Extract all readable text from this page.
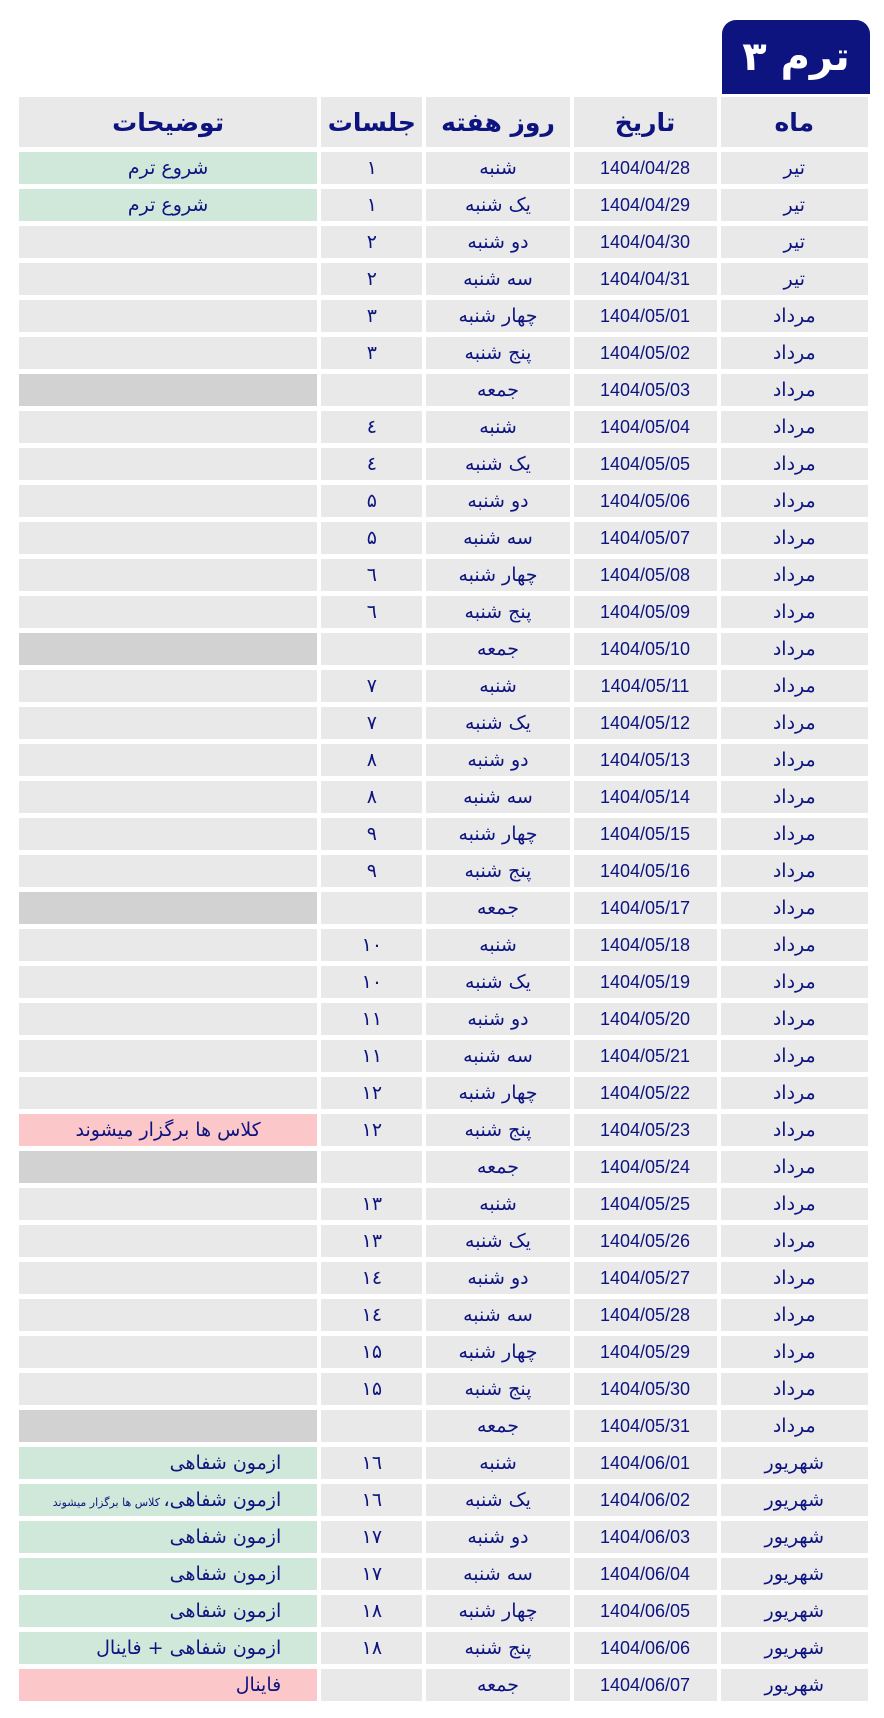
ترم ۳
ماه	تاریخ	روز هفته	جلسات	توضیحات
تیر	1404/04/28	شنبه	۱	شروع ترم
تیر	1404/04/29	یک شنبه	۱	شروع ترم
تیر	1404/04/30	دو شنبه	۲	
تیر	1404/04/31	سه شنبه	۲	
مرداد	1404/05/01	چهار شنبه	۳	
مرداد	1404/05/02	پنج شنبه	۳	
مرداد	1404/05/03	جمعه		
مرداد	1404/05/04	شنبه	٤	
مرداد	1404/05/05	یک شنبه	٤	
مرداد	1404/05/06	دو شنبه	۵	
مرداد	1404/05/07	سه شنبه	۵	
مرداد	1404/05/08	چهار شنبه	٦	
مرداد	1404/05/09	پنج شنبه	٦	
مرداد	1404/05/10	جمعه		
مرداد	1404/05/11	شنبه	۷	
مرداد	1404/05/12	یک شنبه	۷	
مرداد	1404/05/13	دو شنبه	۸	
مرداد	1404/05/14	سه شنبه	۸	
مرداد	1404/05/15	چهار شنبه	۹	
مرداد	1404/05/16	پنج شنبه	۹	
مرداد	1404/05/17	جمعه		
مرداد	1404/05/18	شنبه	۱۰	
مرداد	1404/05/19	یک شنبه	۱۰	
مرداد	1404/05/20	دو شنبه	۱۱	
مرداد	1404/05/21	سه شنبه	۱۱	
مرداد	1404/05/22	چهار شنبه	۱۲	
مرداد	1404/05/23	پنج شنبه	۱۲	کلاس ها برگزار میشوند
مرداد	1404/05/24	جمعه		
مرداد	1404/05/25	شنبه	۱۳	
مرداد	1404/05/26	یک شنبه	۱۳	
مرداد	1404/05/27	دو شنبه	۱٤	
مرداد	1404/05/28	سه شنبه	۱٤	
مرداد	1404/05/29	چهار شنبه	۱۵	
مرداد	1404/05/30	پنج شنبه	۱۵	
مرداد	1404/05/31	جمعه		
شهریور	1404/06/01	شنبه	۱٦	ازمون شفاهی
شهریور	1404/06/02	یک شنبه	۱٦	ازمون شفاهی، کلاس ها برگزار میشوند
شهریور	1404/06/03	دو شنبه	۱۷	ازمون شفاهی
شهریور	1404/06/04	سه شنبه	۱۷	ازمون شفاهی
شهریور	1404/06/05	چهار شنبه	۱۸	ازمون شفاهی
شهریور	1404/06/06	پنج شنبه	۱۸	ازمون شفاهی + فاینال
شهریور	1404/06/07	جمعه		فاینال
